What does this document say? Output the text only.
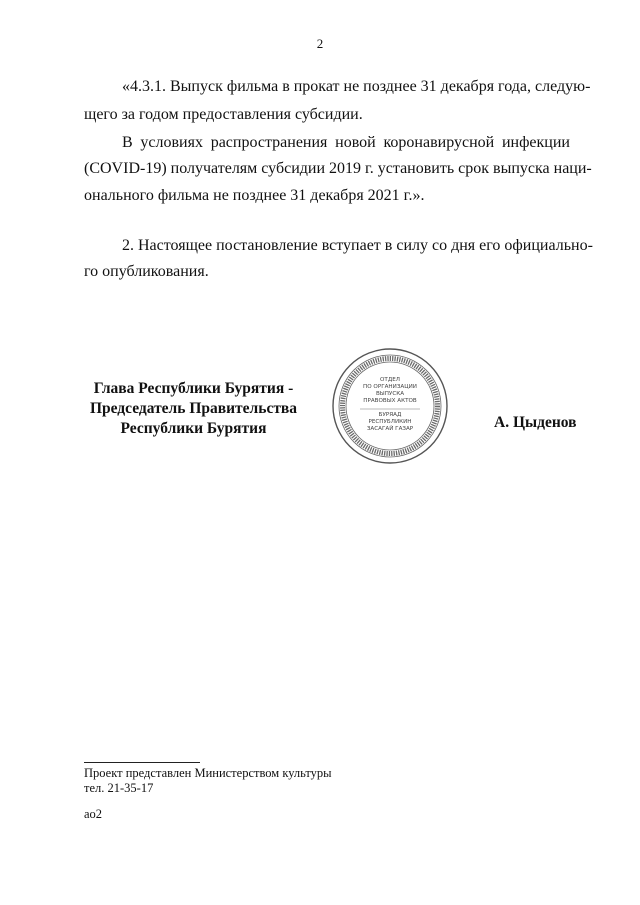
2
«4.3.1. Выпуск фильма в прокат не позднее 31 декабря года, следую-
щего за годом предоставления субсидии.
В условиях распространения новой коронавирусной инфекции
(COVID-19) получателям субсидии 2019 г. установить срок выпуска наци-
онального фильма не позднее 31 декабря 2021 г.».
2. Настоящее постановление вступает в силу со дня его официально-
го опубликования.
Глава Республики Бурятия -
Председатель Правительства
Республики Бурятия
ОТДЕЛ
ПО ОРГАНИЗАЦИИ
ВЫПУСКА
ПРАВОВЫХ АКТОВ
БУРЯАД
РЕСПУБЛИКИН
ЗАСАГАЙ ГАЗАР	А. Цыденов
Проект представлен Министерством культуры
тел. 21-35-17
ао2
